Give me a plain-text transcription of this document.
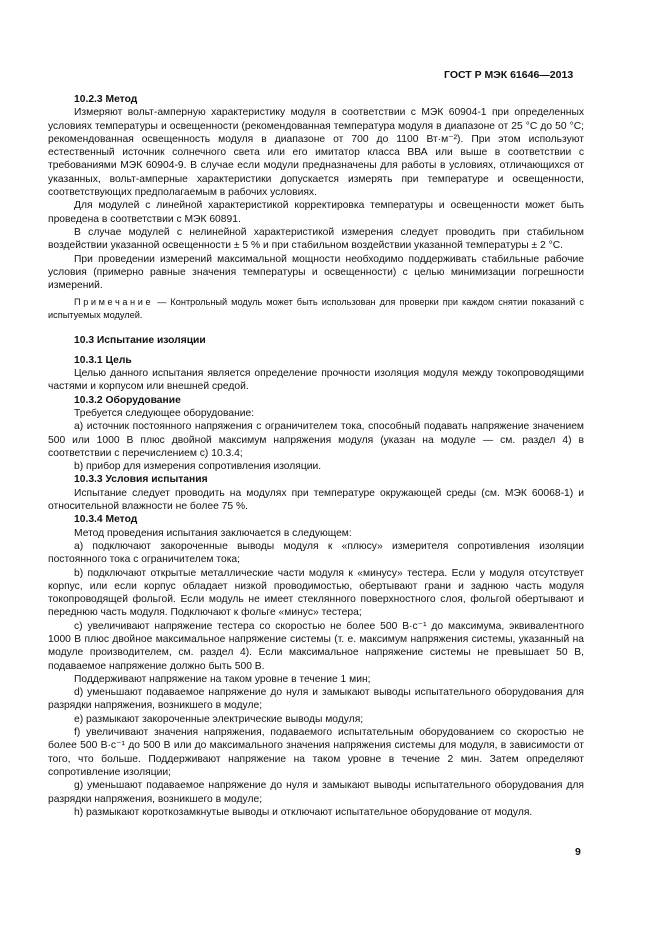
ГОСТ Р МЭК 61646—2013
10.2.3 Метод

Измеряют вольт-амперную характеристику модуля в соответствии с МЭК 60904-1 при определенных условиях температуры и освещенности (рекомендованная температура модуля в диапазоне от 25 °С до 50 °С; рекомендованная освещенность модуля в диапазоне от 700 до 1100 Вт·м⁻²). При этом используют естественный источник солнечного света или его имитатор класса ВВА или выше в соответствии с требованиями МЭК 60904-9. В случае если модули предназначены для работы в условиях, отличающихся от указанных, вольт-амперные характеристики допускается измерять при температуре и освещенности, соответствующих предполагаемым в рабочих условиях.

Для модулей с линейной характеристикой корректировка температуры и освещенности может быть проведена в соответствии с МЭК 60891.

В случае модулей с нелинейной характеристикой измерения следует проводить при стабильном воздействии указанной освещенности ± 5 % и при стабильном воздействии указанной температуры ± 2 °С.

При проведении измерений максимальной мощности необходимо поддерживать стабильные рабочие условия (примерно равные значения температуры и освещенности) с целью минимизации погрешности измерений.

Примечание — Контрольный модуль может быть использован для проверки при каждом снятии показаний с испытуемых модулей.
10.3 Испытание изоляции
10.3.1 Цель

Целью данного испытания является определение прочности изоляция модуля между токопроводящими частями и корпусом или внешней средой.

10.3.2 Оборудование

Требуется следующее оборудование:

а) источник постоянного напряжения с ограничителем тока, способный подавать напряжение значением 500 или 1000 В плюс двойной максимум напряжения модуля (указан на модуле — см. раздел 4) в соответствии с перечислением с) 10.3.4;

b) прибор для измерения сопротивления изоляции.

10.3.3 Условия испытания

Испытание следует проводить на модулях при температуре окружающей среды (см. МЭК 60068-1) и относительной влажности не более 75 %.

10.3.4 Метод

Метод проведения испытания заключается в следующем:

а) подключают закороченные выводы модуля к «плюсу» измерителя сопротивления изоляции постоянного тока с ограничителем тока;

b) подключают открытые металлические части модуля к «минусу» тестера. Если у модуля отсутствует корпус, или если корпус обладает низкой проводимостью, обертывают грани и заднюю часть модуля токопроводящей фольгой. Если модуль не имеет стеклянного поверхностного слоя, фольгой обертывают и переднюю часть модуля. Подключают к фольге «минус» тестера;

с) увеличивают напряжение тестера со скоростью не более 500 В·с⁻¹ до максимума, эквивалентного 1000 В плюс двойное максимальное напряжение системы (т. е. максимум напряжения системы, указанный на модуле производителем, см. раздел 4). Если максимальное напряжение системы не превышает 50 В, подаваемое напряжение должно быть 500 В.

Поддерживают напряжение на таком уровне в течение 1 мин;

d) уменьшают подаваемое напряжение до нуля и замыкают выводы испытательного оборудования для разрядки напряжения, возникшего в модуле;

е) размыкают закороченные электрические выводы модуля;

f) увеличивают значения напряжения, подаваемого испытательным оборудованием со скоростью не более 500 В·с⁻¹ до 500 В или до максимального значения напряжения системы для модуля, в зависимости от того, что больше. Поддерживают напряжение на таком уровне в течение 2 мин. Затем определяют сопротивление изоляции;

g) уменьшают подаваемое напряжение до нуля и замыкают выводы испытательного оборудования для разрядки напряжения, возникшего в модуле;

h) размыкают короткозамкнутые выводы и отключают испытательное оборудование от модуля.

9
